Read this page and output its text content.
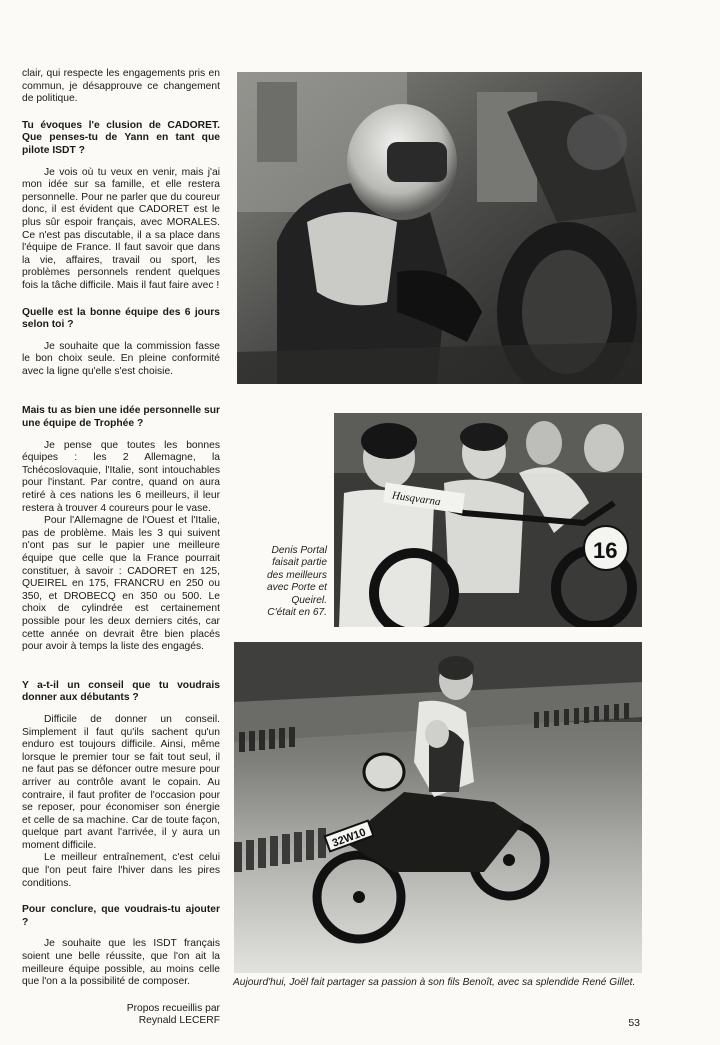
clair, qui respecte les engagements pris en commun, je désapprouve ce changement de politique.

Tu évoques l'e clusion de CADORET. Que penses-tu de Yann en tant que pilote ISDT ?

Je vois où tu veux en venir, mais j'ai mon idée sur sa famille, et elle restera personnelle. Pour ne parler que du coureur donc, il est évident que CADORET est le plus sûr espoir français, avec MORALES. Ce n'est pas discutable, il a sa place dans l'équipe de France. Il faut savoir que dans la vie, affaires, travail ou sport, les problèmes personnels rendent quelques fois la tâche difficile. Mais il faut faire avec !

Quelle est la bonne équipe des 6 jours selon toi ?

Je souhaite que la commission fasse le bon choix seule. En pleine conformité avec la ligne qu'elle s'est choisie.

Mais tu as bien une idée personnelle sur une équipe de Trophée ?

Je pense que toutes les bonnes équipes : les 2 Allemagne, la Tchécoslovaquie, l'Italie, sont intouchables pour l'instant. Par contre, quand on aura retiré à ces nations les 6 meilleurs, il leur restera à trouver 4 coureurs pour le vase.

Pour l'Allemagne de l'Ouest et l'Italie, pas de problème. Mais les 3 qui suivent n'ont pas sur le papier une meilleure équipe que celle que la France pourrait constituer, à savoir : CADORET en 125, QUEIREL en 175, FRANCRU en 250 ou 350, et DROBECQ en 350 ou 500. Le choix de cylindrée est certainement possible pour les deux derniers cités, car cette année on devrait être bien placés pour avoir à temps la liste des engagés.

Y a-t-il un conseil que tu voudrais donner aux débutants ?

Difficile de donner un conseil. Simplement il faut qu'ils sachent qu'un enduro est toujours difficile. Ainsi, même lorsque le premier tour se fait tout seul, il ne faut pas se défoncer outre mesure pour arriver au contrôle avant le copain. Au contraire, il faut profiter de l'occasion pour se reposer, pour économiser son énergie et celle de sa machine. Car de toute façon, quelque part avant l'arrivée, il y aura un moment difficile.

Le meilleur entraînement, c'est celui que l'on peut faire l'hiver dans les pires conditions.

Pour conclure, que voudrais-tu ajouter ?

Je souhaite que les ISDT français soient une belle réussite, que l'on ait la meilleure équipe possible, au moins celle que l'on a la possibilité de composer.

Propos recueillis par

Reynald LECERF

Husqvarna
16
Denis Portal faisait partie des meilleurs avec Porte et Queirel. C'était en 67.
32W10
Aujourd'hui, Joël fait partager sa passion à son fils Benoît, avec sa splendide René Gillet.
53
